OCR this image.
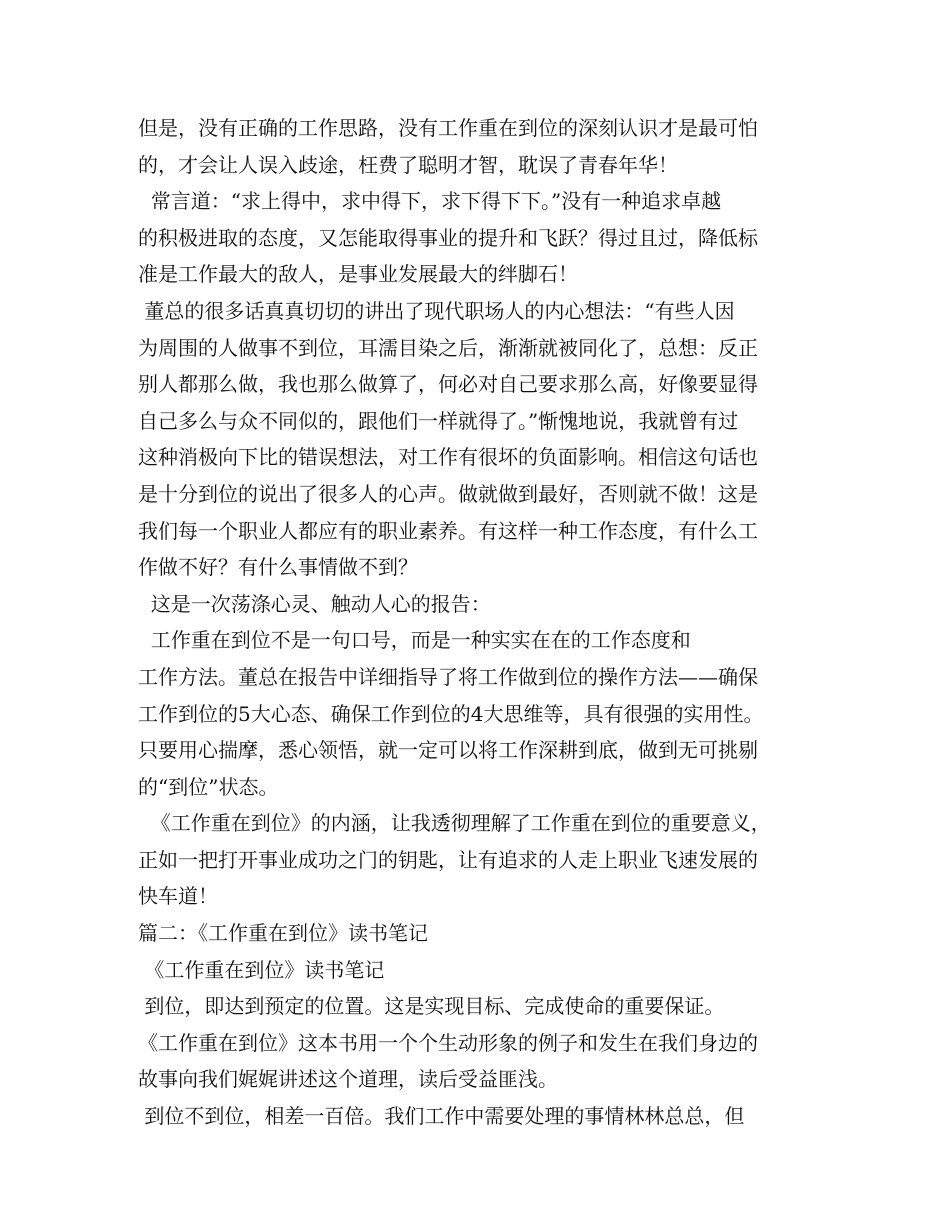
但是，没有正确的工作思路，没有工作重在到位的深刻认识才是最可怕
的，才会让人误入歧途，枉费了聪明才智，耽误了青春年华！
常言道：“求上得中，求中得下，求下得下下。”没有一种追求卓越
的积极进取的态度，又怎能取得事业的提升和飞跃？得过且过，降低标
准是工作最大的敌人，是事业发展最大的绊脚石！
董总的很多话真真切切的讲出了现代职场人的内心想法：“有些人因
为周围的人做事不到位，耳濡目染之后，渐渐就被同化了，总想：反正
别人都那么做，我也那么做算了，何必对自己要求那么高，好像要显得
自己多么与众不同似的，跟他们一样就得了。”惭愧地说，我就曾有过
这种消极向下比的错误想法，对工作有很坏的负面影响。相信这句话也
是十分到位的说出了很多人的心声。做就做到最好，否则就不做！这是
我们每一个职业人都应有的职业素养。有这样一种工作态度，有什么工
作做不好？有什么事情做不到？
这是一次荡涤心灵、触动人心的报告：
工作重在到位不是一句口号，而是一种实实在在的工作态度和
工作方法。董总在报告中详细指导了将工作做到位的操作方法——确保
工作到位的5大心态、确保工作到位的4大思维等，具有很强的实用性。
只要用心揣摩，悉心领悟，就一定可以将工作深耕到底，做到无可挑剔
的“到位”状态。
《工作重在到位》的内涵，让我透彻理解了工作重在到位的重要意义，
正如一把打开事业成功之门的钥匙，让有追求的人走上职业飞速发展的
快车道！
篇二：《工作重在到位》读书笔记
《工作重在到位》读书笔记
到位，即达到预定的位置。这是实现目标、完成使命的重要保证。
《工作重在到位》这本书用一个个生动形象的例子和发生在我们身边的
故事向我们娓娓讲述这个道理，读后受益匪浅。
到位不到位，相差一百倍。我们工作中需要处理的事情林林总总，但
